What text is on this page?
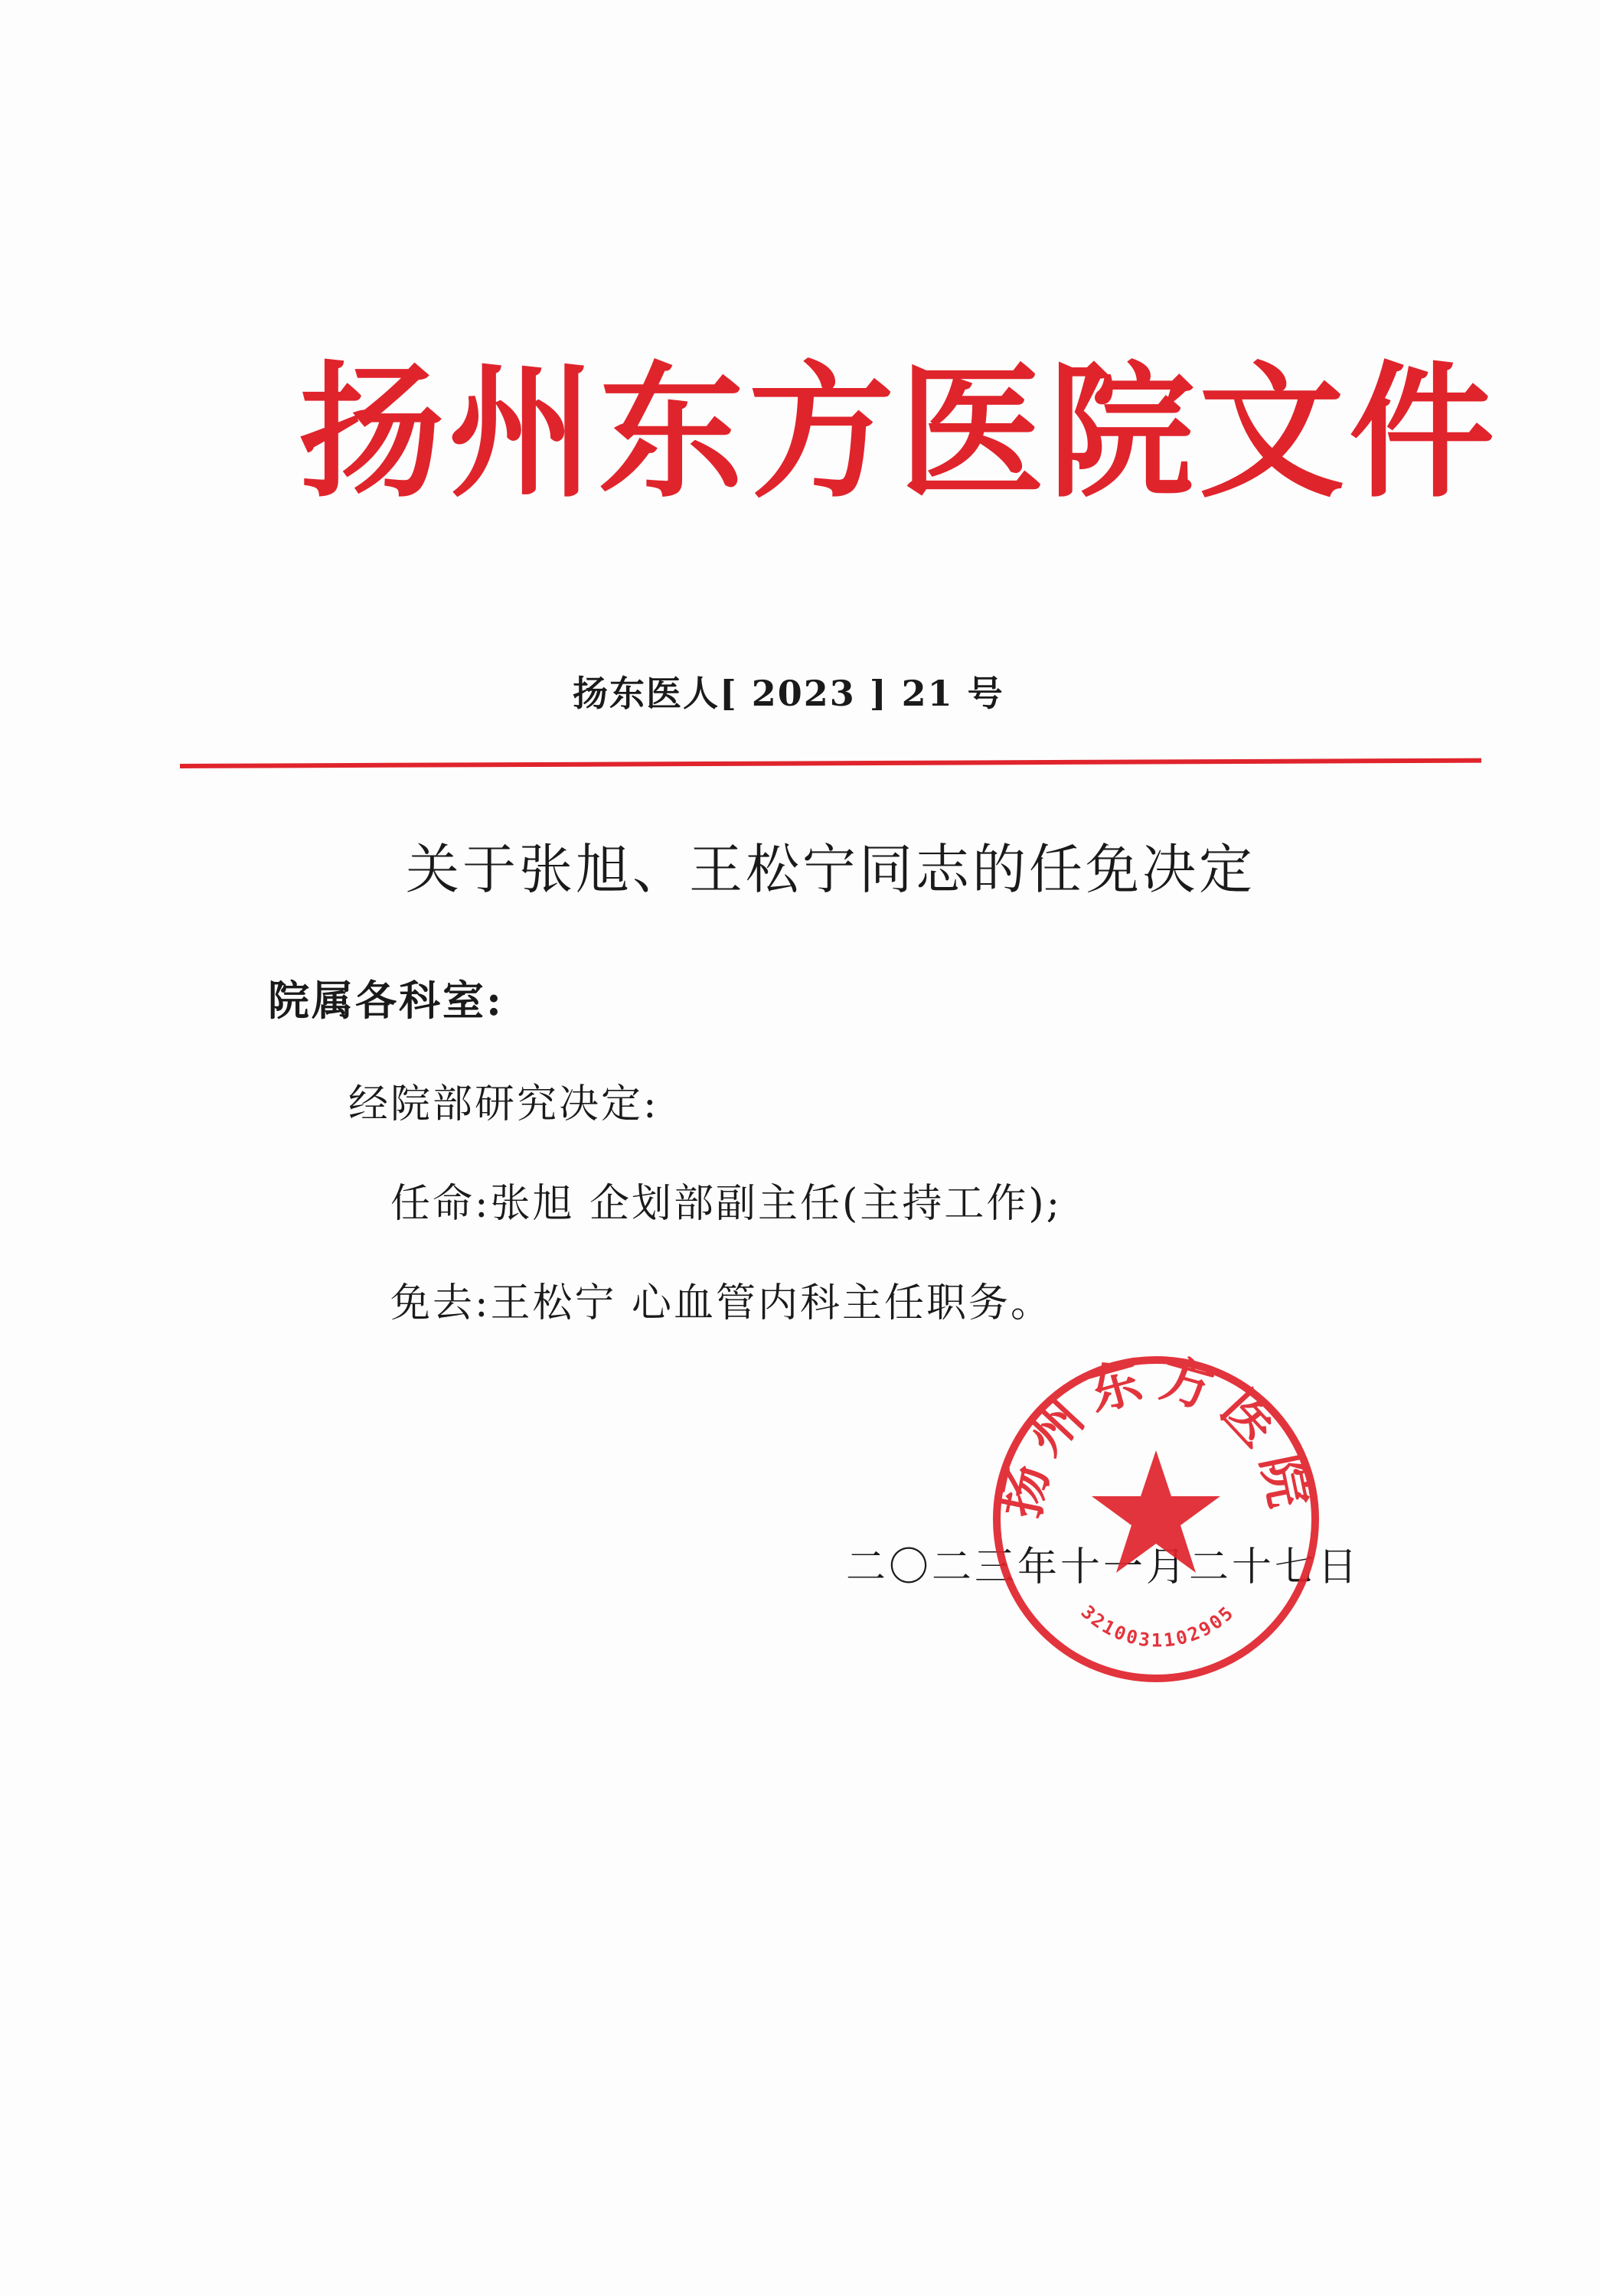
扬州东方医院文件
扬东医人[ 2023 ] 21 号
关于张旭、王松宁同志的任免决定
院属各科室:
经院部研究决定:
任命:张旭 企划部副主任(主持工作);
免去:王松宁 心血管内科主任职务。
二〇二三年十一月二十七日
扬州东方医院
3210031102905
